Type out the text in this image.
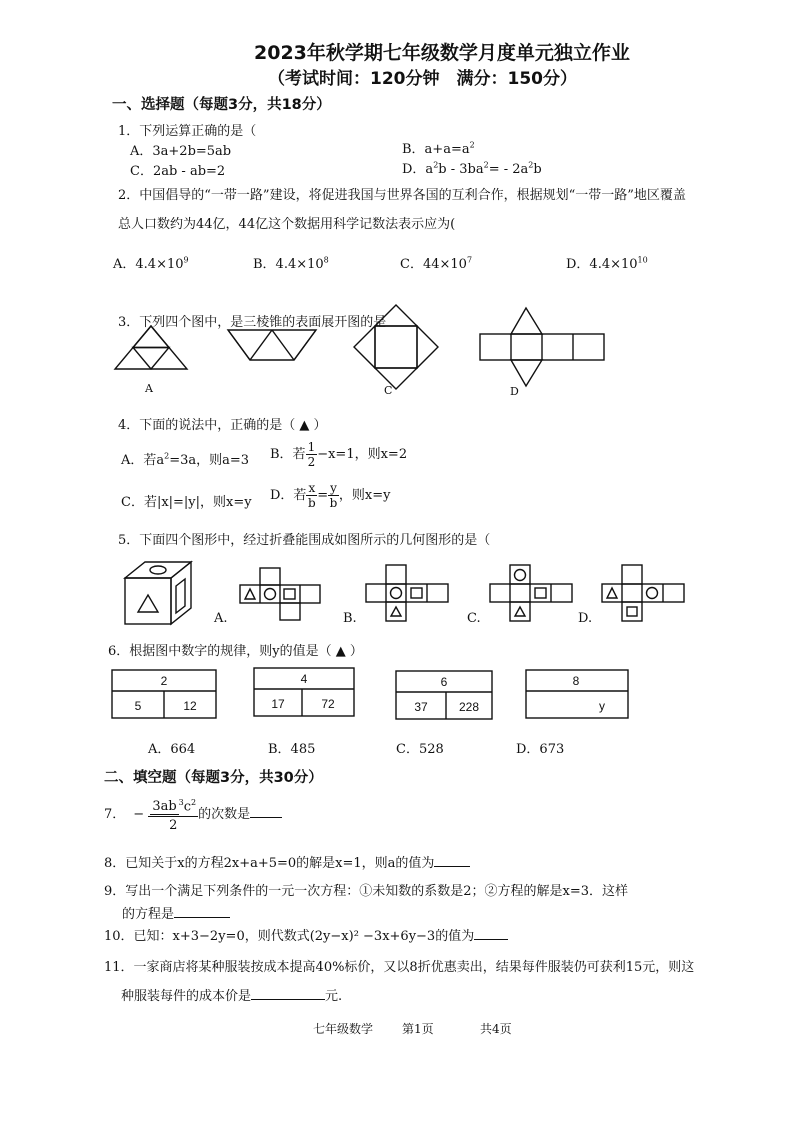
2023年秋学期七年级数学月度单元独立作业
（考试时间：120分钟　满分：150分）
一、选择题（每题3分，共18分）
1．下列运算正确的是（
A．3a+2b=5ab	B．$a+a=a^2$
C．2ab - ab=2	D．$a^2b - 3ba^2= - 2a^2b$
2．中国倡导的“一带一路”建设，将促进我国与世界各国的互利合作，根据规划“一带一路”地区覆盖
总人口数约为44亿，44亿这个数据用科学记数法表示应为(
A．$4.4\times 10^9$	B．$4.4\times 10^8$	C．$44\times 10^7$	D．$4.4\times 10^{10}$
3．下列四个图中，是三棱锥的表面展开图的是
A	C	D
4．下面的说法中，正确的是（ ▲ ）
A．若$a^2=3a$，则a=3 B．若 $\frac{1}{2} -x=1$，则x=2
C．若|x|=|y|，则x=y D．若 $\frac{x}{b} = \frac{y}{b}$ ，则x=y
5．下面四个图形中，经过折叠能围成如图所示的几何图形的是（
A.	B.	C.	D.
6．根据图中数字的规律，则y的值是（ ▲ ）
2
5	12
4
17	72
6
37	228
8
y
A．664	B．485	C．528	D．673
二、填空题（每题3分，共30分）
7． − $\frac{3ab ^3c^2}{2}$ 的次数是
8．已知关于x的方程2x+a+5=0的解是x=1，则a的值为
9．写出一个满足下列条件的一元一次方程：①未知数的系数是2；②方程的解是x=3．这样
的方程是
10．已知：x+3−2y=0，则代数式(2y−x)² −3x+6y−3的值为
11．一家商店将某种服装按成本提高40%标价，又以8折优惠卖出，结果每件服装仍可获利15元，则这
种服装每件的成本价是	元.
七年级数学 第1页	共4页
